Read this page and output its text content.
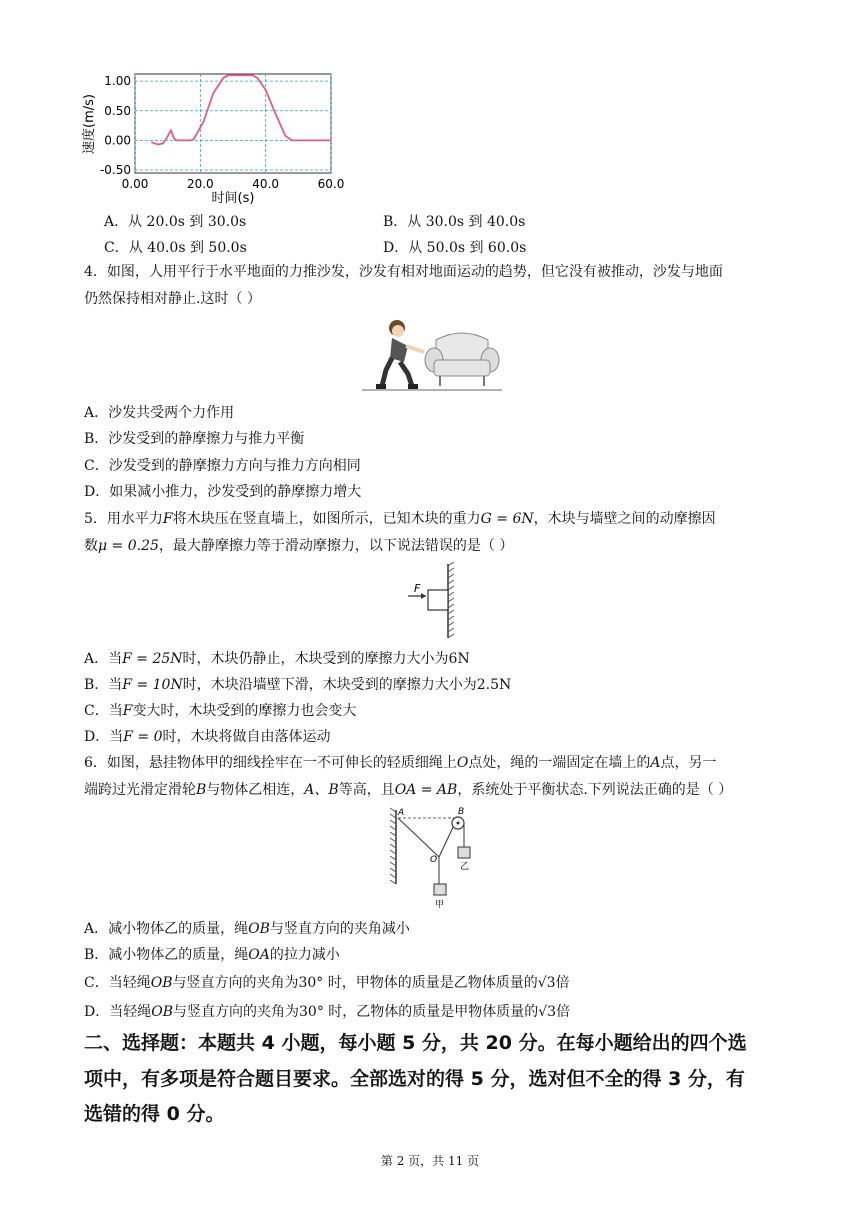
1.00
0.50
0.00
-0.50
0.00	20.0	40.0	60.0
速度(m/s)
时间(s)
A．从 20.0s 到 30.0s	B．从 30.0s 到 40.0s
C．从 40.0s 到 50.0s	D．从 50.0s 到 60.0s
4．如图，人用平行于水平地面的力推沙发，沙发有相对地面运动的趋势，但它没有被推动，沙发与地面
仍然保持相对静止.这时（ ）
A．沙发共受两个力作用
B．沙发受到的静摩擦力与推力平衡
C．沙发受到的静摩擦力方向与推力方向相同
D．如果减小推力，沙发受到的静摩擦力增大
5．用水平力F将木块压在竖直墙上，如图所示，已知木块的重力G = 6N，木块与墙壁之间的动摩擦因
数μ = 0.25，最大静摩擦力等于滑动摩擦力，以下说法错误的是（ ）
F
A．当F = 25N时，木块仍静止，木块受到的摩擦力大小为6N
B．当F = 10N时，木块沿墙壁下滑，木块受到的摩擦力大小为2.5N
C．当F变大时，木块受到的摩擦力也会变大
D．当F = 0时，木块将做自由落体运动
6．如图，悬挂物体甲的细线拴牢在一不可伸长的轻质细绳上O点处，绳的一端固定在墙上的A点，另一
端跨过光滑定滑轮B与物体乙相连，A、B等高，且OA = AB，系统处于平衡状态.下列说法正确的是（ ）
A	B
O
乙
甲
A．减小物体乙的质量，绳OB与竖直方向的夹角减小
B．减小物体乙的质量，绳OA的拉力减小
C．当轻绳OB与竖直方向的夹角为30° 时，甲物体的质量是乙物体质量的√3倍
D．当轻绳OB与竖直方向的夹角为30° 时，乙物体的质量是甲物体质量的√3倍
二、选择题：本题共 4 小题，每小题 5 分，共 20 分。在每小题给出的四个选
项中，有多项是符合题目要求。全部选对的得 5 分，选对但不全的得 3 分，有
选错的得 0 分。
第 2 页，共 11 页
